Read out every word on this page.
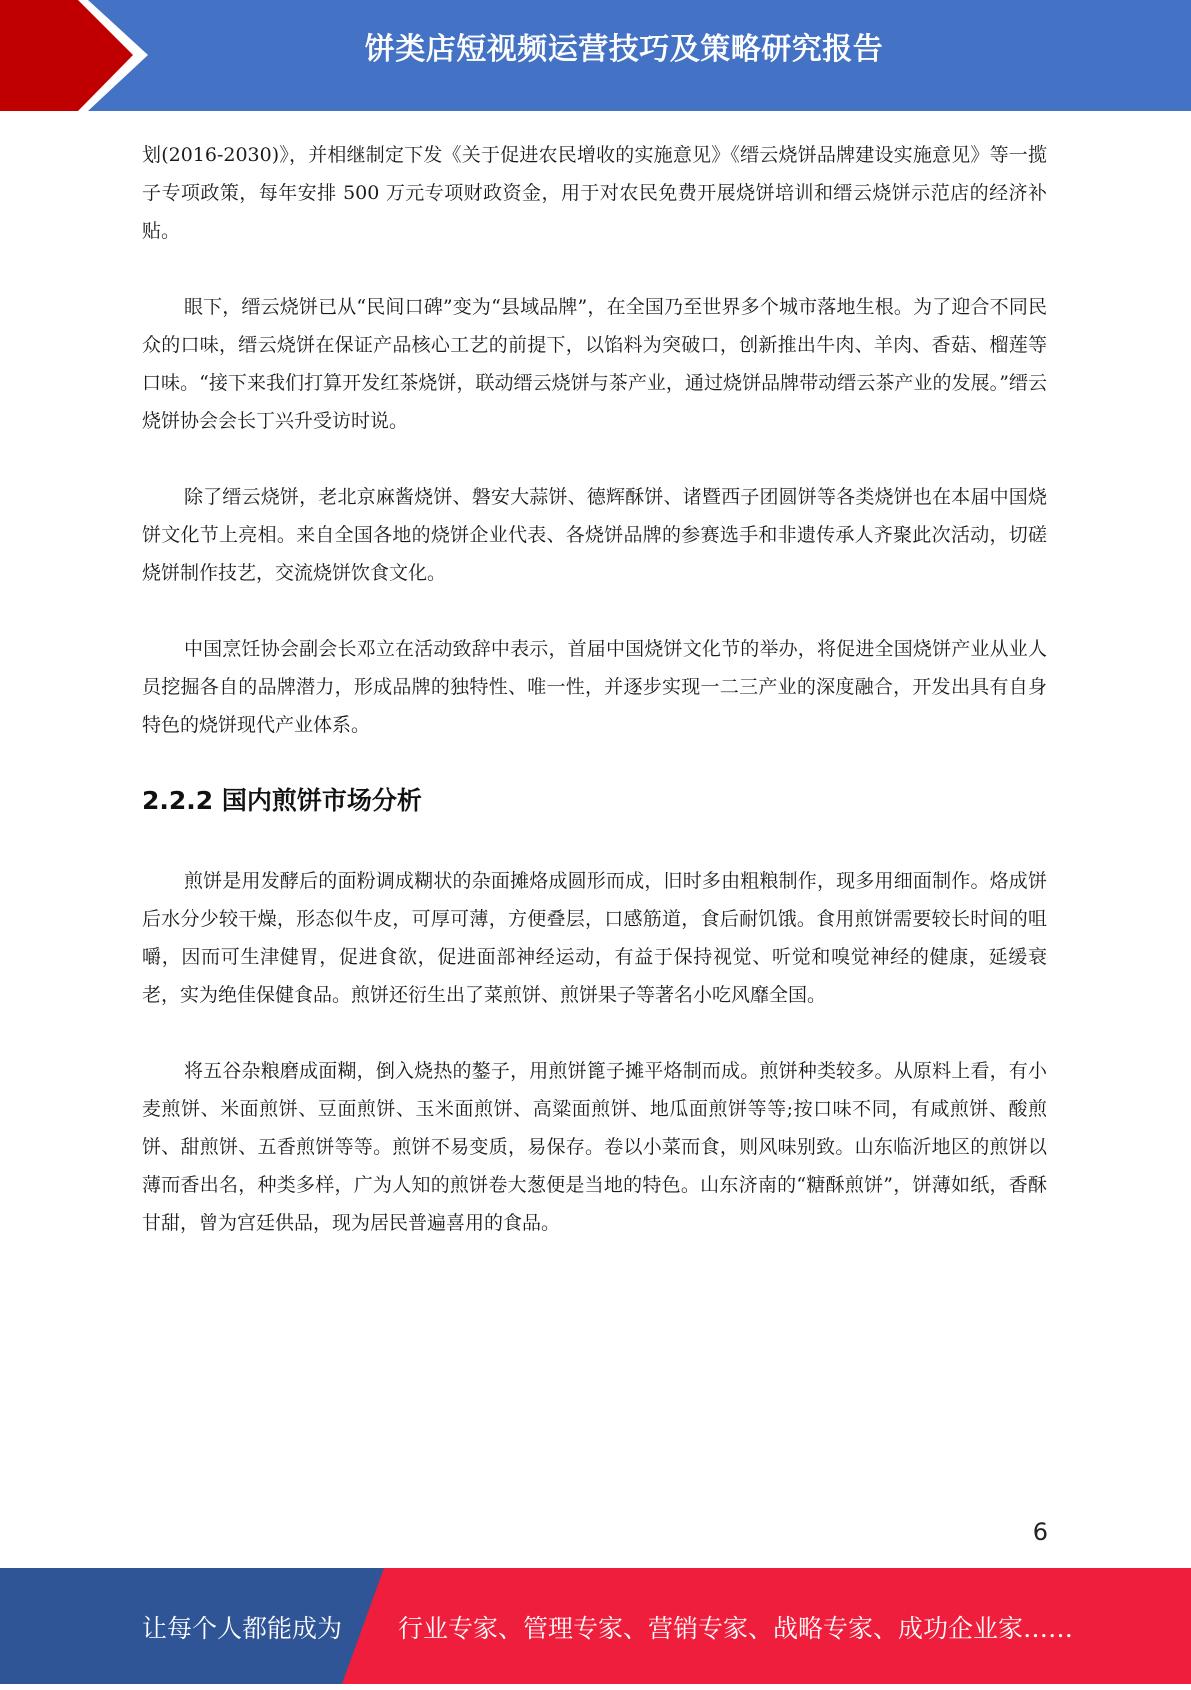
饼类店短视频运营技巧及策略研究报告

划(2016-2030)》，并相继制定下发《关于促进农民增收的实施意见》《缙云烧饼品牌建设实施意见》等一揽子专项政策，每年安排 500 万元专项财政资金，用于对农民免费开展烧饼培训和缙云烧饼示范店的经济补贴。

眼下，缙云烧饼已从“民间口碑”变为“县域品牌”，在全国乃至世界多个城市落地生根。为了迎合不同民众的口味，缙云烧饼在保证产品核心工艺的前提下，以馅料为突破口，创新推出牛肉、羊肉、香菇、榴莲等口味。“接下来我们打算开发红茶烧饼，联动缙云烧饼与茶产业，通过烧饼品牌带动缙云茶产业的发展。”缙云烧饼协会会长丁兴升受访时说。

除了缙云烧饼，老北京麻酱烧饼、磐安大蒜饼、德辉酥饼、诸暨西子团圆饼等各类烧饼也在本届中国烧饼文化节上亮相。来自全国各地的烧饼企业代表、各烧饼品牌的参赛选手和非遗传承人齐聚此次活动，切磋烧饼制作技艺，交流烧饼饮食文化。

中国烹饪协会副会长邓立在活动致辞中表示，首届中国烧饼文化节的举办，将促进全国烧饼产业从业人员挖掘各自的品牌潜力，形成品牌的独特性、唯一性，并逐步实现一二三产业的深度融合，开发出具有自身特色的烧饼现代产业体系。

2.2.2 国内煎饼市场分析

煎饼是用发酵后的面粉调成糊状的杂面摊烙成圆形而成，旧时多由粗粮制作，现多用细面制作。烙成饼后水分少较干燥，形态似牛皮，可厚可薄，方便叠层，口感筋道，食后耐饥饿。食用煎饼需要较长时间的咀嚼，因而可生津健胃，促进食欲，促进面部神经运动，有益于保持视觉、听觉和嗅觉神经的健康，延缓衰老，实为绝佳保健食品。煎饼还衍生出了菜煎饼、煎饼果子等著名小吃风靡全国。

将五谷杂粮磨成面糊，倒入烧热的鏊子，用煎饼篦子摊平烙制而成。煎饼种类较多。从原料上看，有小麦煎饼、米面煎饼、豆面煎饼、玉米面煎饼、高粱面煎饼、地瓜面煎饼等等;按口味不同，有咸煎饼、酸煎饼、甜煎饼、五香煎饼等等。煎饼不易变质，易保存。卷以小菜而食，则风味别致。山东临沂地区的煎饼以薄而香出名，种类多样，广为人知的煎饼卷大葱便是当地的特色。山东济南的“糖酥煎饼”，饼薄如纸，香酥甘甜，曾为宫廷供品，现为居民普遍喜用的食品。

6
让每个人都能成为 行业专家、管理专家、营销专家、战略专家、成功企业家……
